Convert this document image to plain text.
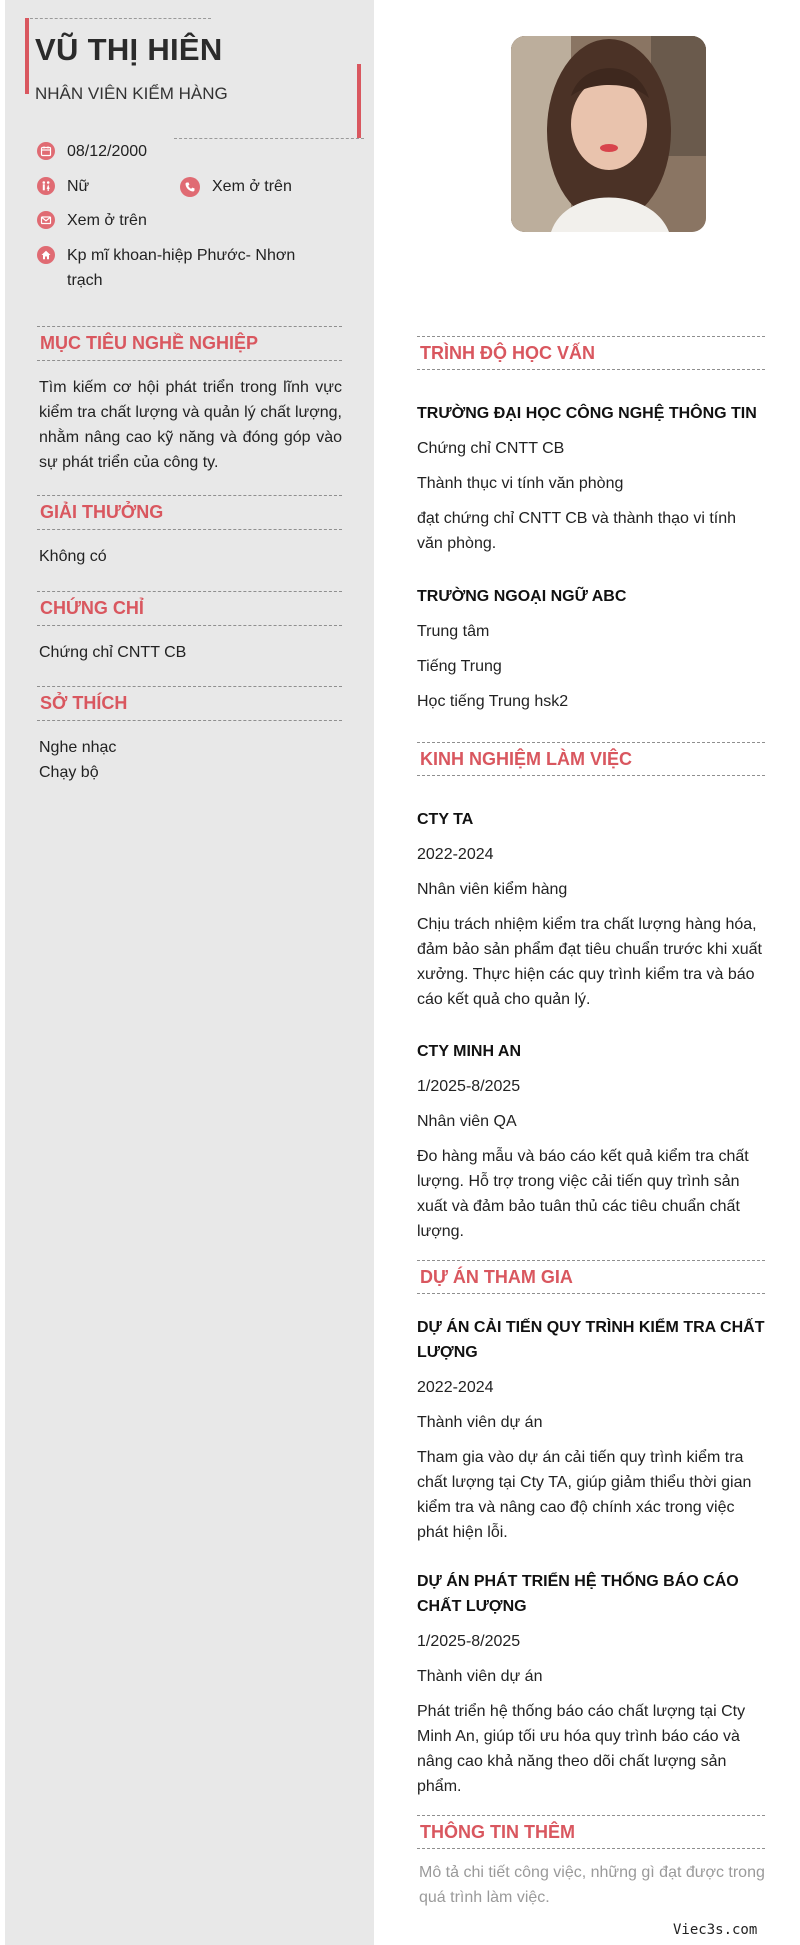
VŨ THỊ HIÊN
NHÂN VIÊN KIỂM HÀNG
08/12/2000
Nữ	Xem ở trên
Xem ở trên
Kp mĩ khoan-hiệp Phước- Nhơn trạch
MỤC TIÊU NGHỀ NGHIỆP
Tìm kiếm cơ hội phát triển trong lĩnh vực kiểm tra chất lượng và quản lý chất lượng, nhằm nâng cao kỹ năng và đóng góp vào sự phát triển của công ty.
GIẢI THƯỞNG
Không có
CHỨNG CHỈ
Chứng chỉ CNTT CB
SỞ THÍCH
Nghe nhạc
Chạy bộ
TRÌNH ĐỘ HỌC VẤN
TRƯỜNG ĐẠI HỌC CÔNG NGHỆ THÔNG TIN
Chứng chỉ CNTT CB
Thành thục vi tính văn phòng
đạt chứng chỉ CNTT CB và thành thạo vi tính văn phòng.
TRƯỜNG NGOẠI NGỮ ABC
Trung tâm
Tiếng Trung
Học tiếng Trung hsk2
KINH NGHIỆM LÀM VIỆC
CTY TA
2022-2024
Nhân viên kiểm hàng
Chịu trách nhiệm kiểm tra chất lượng hàng hóa, đảm bảo sản phẩm đạt tiêu chuẩn trước khi xuất xưởng. Thực hiện các quy trình kiểm tra và báo cáo kết quả cho quản lý.
CTY MINH AN
1/2025-8/2025
Nhân viên QA
Đo hàng mẫu và báo cáo kết quả kiểm tra chất lượng. Hỗ trợ trong việc cải tiến quy trình sản xuất và đảm bảo tuân thủ các tiêu chuẩn chất lượng.
DỰ ÁN THAM GIA
DỰ ÁN CẢI TIẾN QUY TRÌNH KIỂM TRA CHẤT LƯỢNG
2022-2024
Thành viên dự án
Tham gia vào dự án cải tiến quy trình kiểm tra chất lượng tại Cty TA, giúp giảm thiểu thời gian kiểm tra và nâng cao độ chính xác trong việc phát hiện lỗi.
DỰ ÁN PHÁT TRIỂN HỆ THỐNG BÁO CÁO CHẤT LƯỢNG
1/2025-8/2025
Thành viên dự án
Phát triển hệ thống báo cáo chất lượng tại Cty Minh An, giúp tối ưu hóa quy trình báo cáo và nâng cao khả năng theo dõi chất lượng sản phẩm.
THÔNG TIN THÊM
Mô tả chi tiết công việc, những gì đạt được trong quá trình làm việc.
Viec3s.com
